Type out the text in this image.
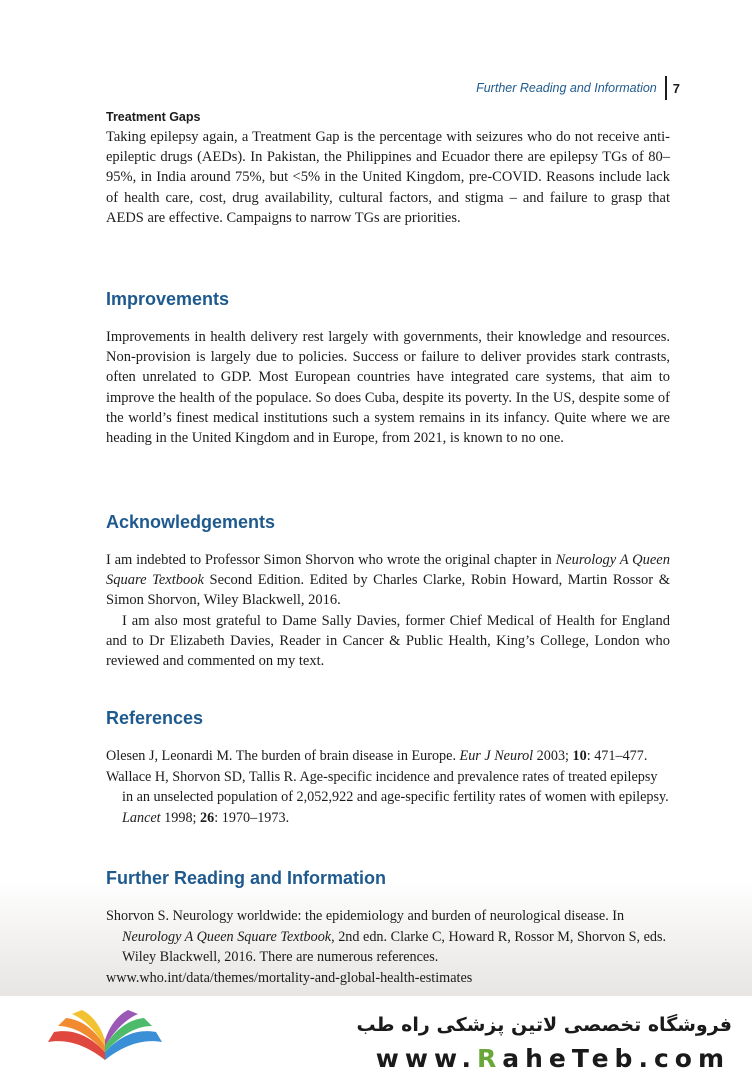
Further Reading and Information 7
Treatment Gaps

Taking epilepsy again, a Treatment Gap is the percentage with seizures who do not receive anti-epileptic drugs (AEDs). In Pakistan, the Philippines and Ecuador there are epilepsy TGs of 80–95%, in India around 75%, but <5% in the United Kingdom, pre-COVID. Reasons include lack of health care, cost, drug availability, cultural factors, and stigma – and failure to grasp that AEDS are effective. Campaigns to narrow TGs are priorities.

Improvements

Improvements in health delivery rest largely with governments, their knowledge and resources. Non-provision is largely due to policies. Success or failure to deliver provides stark contrasts, often unrelated to GDP. Most European countries have integrated care systems, that aim to improve the health of the populace. So does Cuba, despite its poverty. In the US, despite some of the world’s finest medical institutions such a system remains in its infancy. Quite where we are heading in the United Kingdom and in Europe, from 2021, is known to no one.

Acknowledgements

I am indebted to Professor Simon Shorvon who wrote the original chapter in Neurology A Queen Square Textbook Second Edition. Edited by Charles Clarke, Robin Howard, Martin Rossor & Simon Shorvon, Wiley Blackwell, 2016.

I am also most grateful to Dame Sally Davies, former Chief Medical of Health for England and to Dr Elizabeth Davies, Reader in Cancer & Public Health, King’s College, London who reviewed and commented on my text.

References

Olesen J, Leonardi M. The burden of brain disease in Europe. Eur J Neurol 2003; 10: 471–477.

Wallace H, Shorvon SD, Tallis R. Age-specific incidence and prevalence rates of treated epilepsy in an unselected population of 2,052,922 and age-specific fertility rates of women with epilepsy. Lancet 1998; 26: 1970–1973.

Further Reading and Information

Shorvon S. Neurology worldwide: the epidemiology and burden of neurological disease. In Neurology A Queen Square Textbook, 2nd edn. Clarke C, Howard R, Rossor M, Shorvon S, eds. Wiley Blackwell, 2016. There are numerous references.

www.who.int/data/themes/mortality-and-global-health-estimates

فروشگاه تخصصی لاتین پزشکی راه طب
www.RaheTeb.com
